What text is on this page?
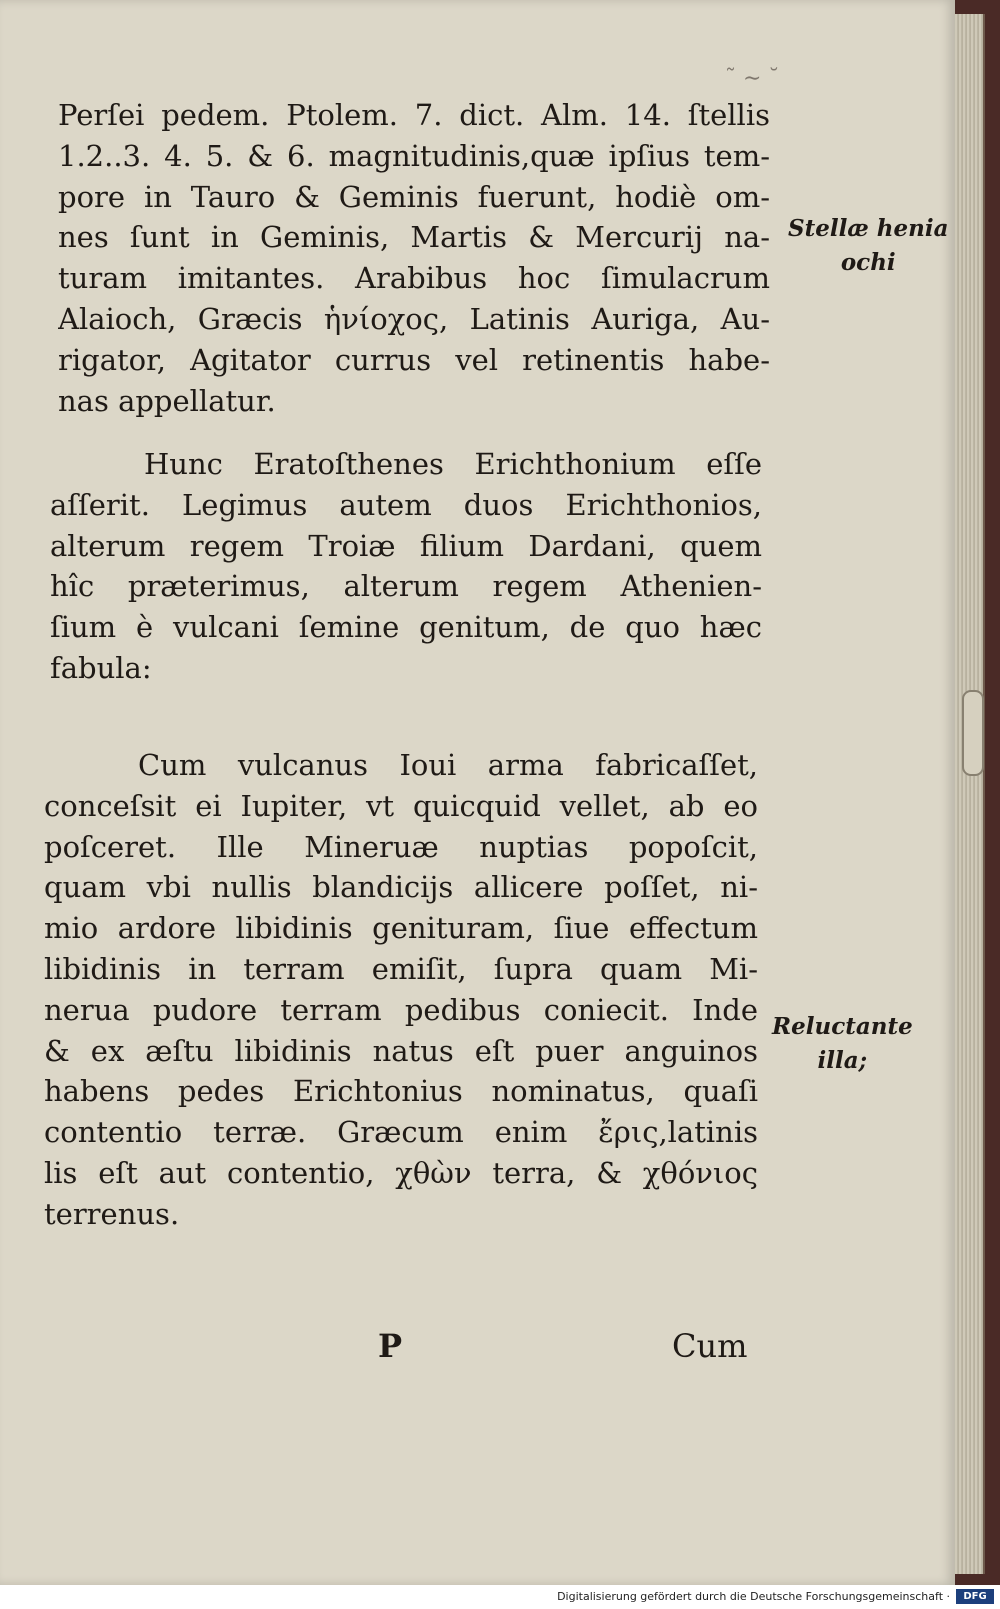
˜ ∼ ˘
Perſei pedem. Ptolem. 7. dict. Alm. 14. ſtellis
1.2..3. 4. 5. & 6. magnitudinis,quæ ipſius tem-
pore in Tauro & Geminis fuerunt, hodiè om-
nes ſunt in Geminis, Martis & Mercurij na-
turam imitantes. Arabibus hoc ſimulacrum
Alaioch, Græcis ἡνίοχος, Latinis Auriga, Au-
rigator, Agitator currus vel retinentis habe-
nas appellatur.
Hunc Eratoſthenes Erichthonium eſſe
aſſerit. Legimus autem duos Erichthonios,
alterum regem Troiæ filium Dardani, quem
hîc præterimus, alterum regem Athenien-
ſium è vulcani ſemine genitum, de quo hæc
fabula:
Cum vulcanus Ioui arma fabricaſſet,
conceſsit ei Iupiter, vt quicquid vellet, ab eo
poſceret. Ille Mineruæ nuptias popoſcit,
quam vbi nullis blandicijs allicere poſſet, ni-
mio ardore libidinis genituram, ſiue effectum
libidinis in terram emiſit, ſupra quam Mi-
nerua pudore terram pedibus coniecit. Inde
& ex æſtu libidinis natus eſt puer anguinos
habens pedes Erichtonius nominatus, quaſi
contentio terræ. Græcum enim ἔρις,latinis
lis eſt aut contentio, χθὼν terra, & χθόνιος
terrenus.
Stellæ henia
ochi
Reluctante
illa;
P	Cum
Digitalisierung gefördert durch die Deutsche Forschungsgemeinschaft ·	DFG
